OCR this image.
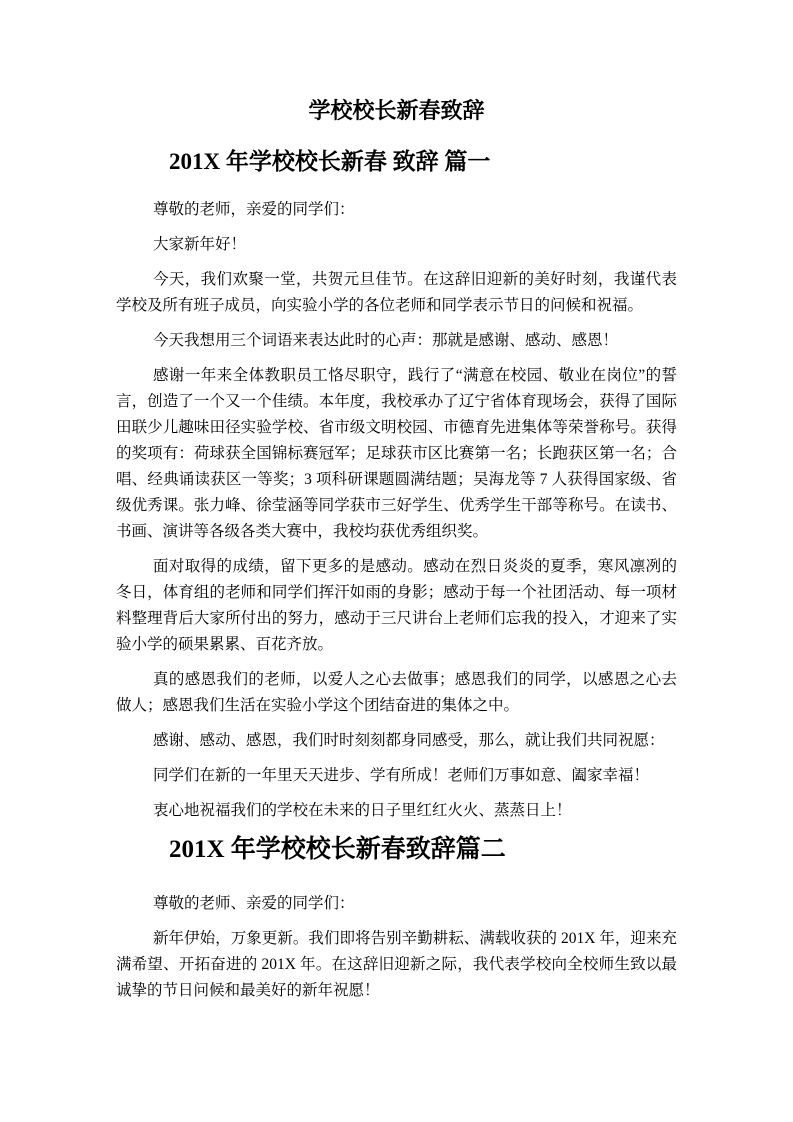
学校校长新春致辞
201X 年学校校长新春 致辞 篇一

尊敬的老师，亲爱的同学们：

大家新年好！

今天，我们欢聚一堂，共贺元旦佳节。在这辞旧迎新的美好时刻，我谨代表学校及所有班子成员，向实验小学的各位老师和同学表示节日的问候和祝福。

今天我想用三个词语来表达此时的心声：那就是感谢、感动、感恩！

感谢一年来全体教职员工恪尽职守，践行了“满意在校园、敬业在岗位”的誓言，创造了一个又一个佳绩。本年度，我校承办了辽宁省体育现场会，获得了国际田联少儿趣味田径实验学校、省市级文明校园、市德育先进集体等荣誉称号。获得的奖项有：荷球获全国锦标赛冠军；足球获市区比赛第一名；长跑获区第一名；合唱、经典诵读获区一等奖；3 项科研课题圆满结题；吴海龙等 7 人获得国家级、省级优秀课。张力峰、徐莹涵等同学获市三好学生、优秀学生干部等称号。在读书、书画、演讲等各级各类大赛中，我校均获优秀组织奖。

面对取得的成绩，留下更多的是感动。感动在烈日炎炎的夏季，寒风凛冽的冬日，体育组的老师和同学们挥汗如雨的身影；感动于每一个社团活动、每一项材料整理背后大家所付出的努力，感动于三尺讲台上老师们忘我的投入，才迎来了实验小学的硕果累累、百花齐放。

真的感恩我们的老师，以爱人之心去做事；感恩我们的同学，以感恩之心去做人；感恩我们生活在实验小学这个团结奋进的集体之中。

感谢、感动、感恩，我们时时刻刻都身同感受，那么，就让我们共同祝愿：

同学们在新的一年里天天进步、学有所成！老师们万事如意、阖家幸福！

衷心地祝福我们的学校在未来的日子里红红火火、蒸蒸日上！

201X 年学校校长新春致辞篇二

尊敬的老师、亲爱的同学们：

新年伊始，万象更新。我们即将告别辛勤耕耘、满载收获的 201X 年，迎来充满希望、开拓奋进的 201X 年。在这辞旧迎新之际，我代表学校向全校师生致以最诚挚的节日问候和最美好的新年祝愿！
